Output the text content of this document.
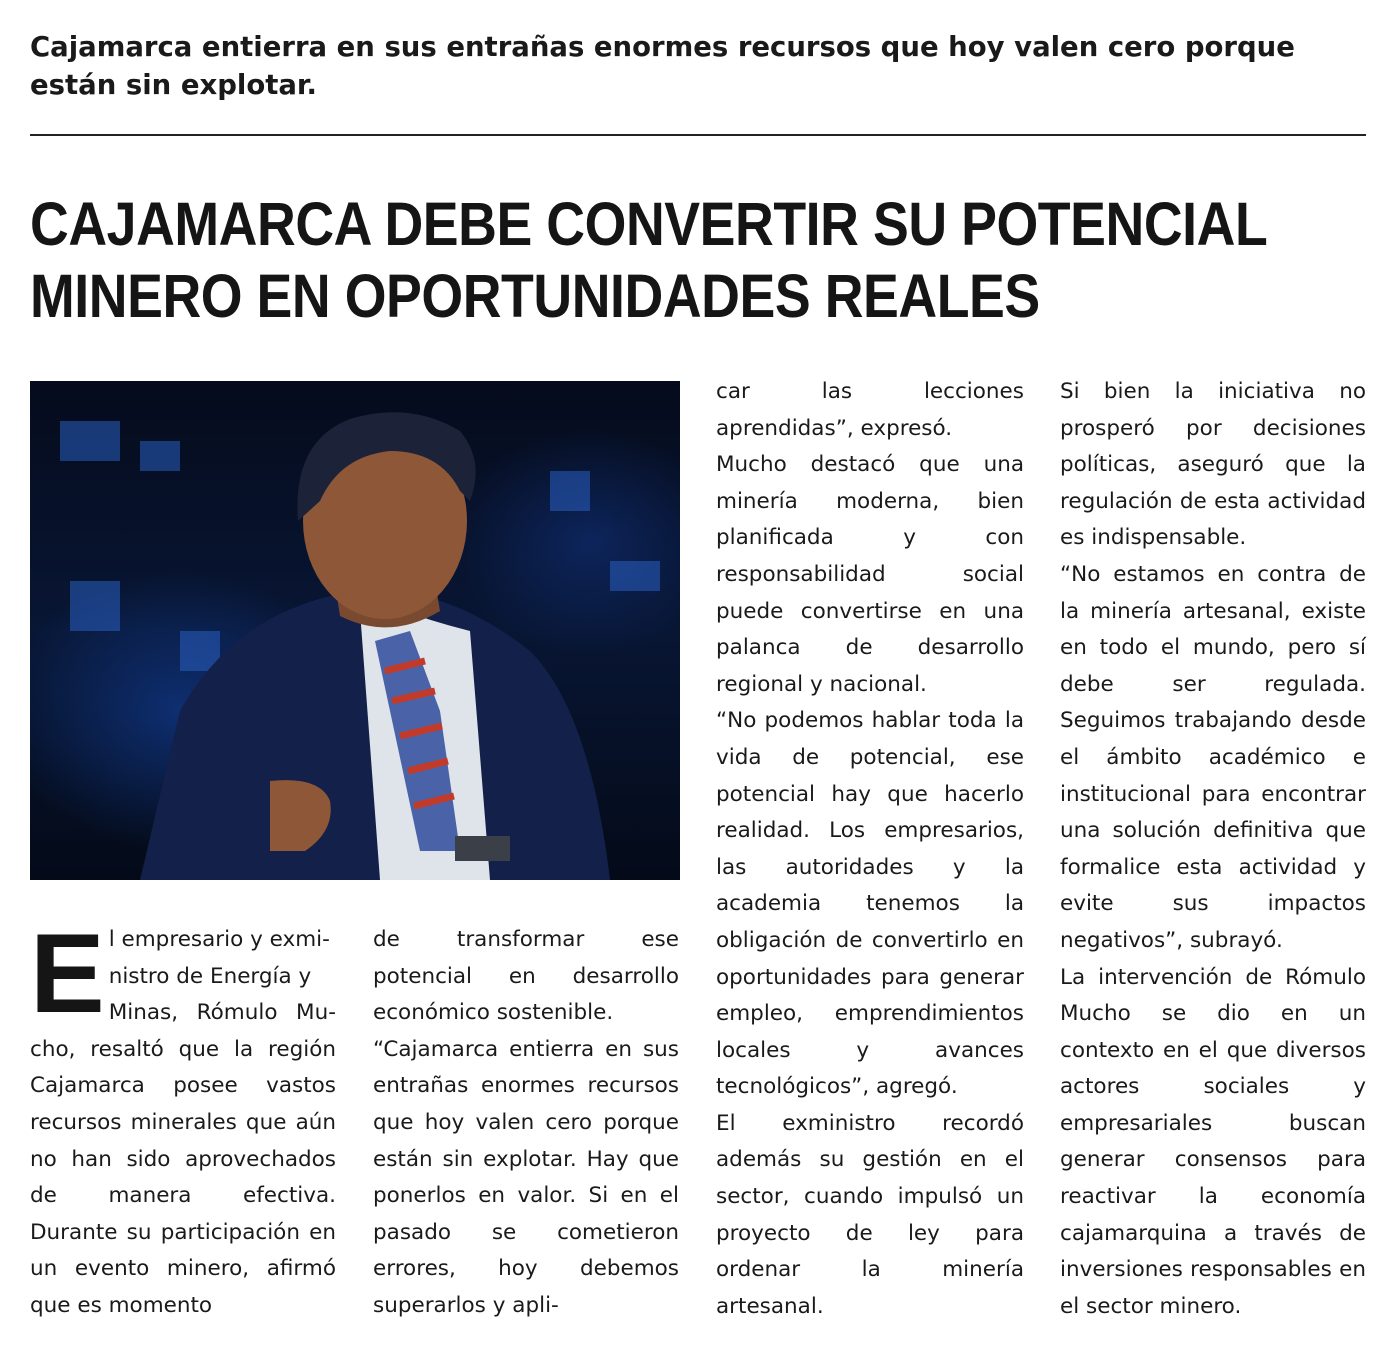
Cajamarca entierra en sus entrañas enormes recursos que hoy valen cero porque están sin explotar.
CAJAMARCA DEBE CONVERTIR SU POTENCIAL
MINERO EN OPORTUNIDADES REALES
E l empresario y exmi-
nistro de Energía y
Minas, Rómulo Mu- cho, resaltó que la región Cajamarca posee vastos recursos minerales que aún no han sido aprovechados de manera efectiva. Durante su participación en un evento minero, afirmó que es momento

de transformar ese potencial en desarrollo económico sostenible.

“Cajamarca entierra en sus entrañas enormes recursos que hoy valen cero porque están sin explotar. Hay que ponerlos en valor. Si en el pasado se cometieron errores, hoy debemos superarlos y apli-

car las lecciones aprendidas”, expresó.

Mucho destacó que una minería moderna, bien planificada y con responsabilidad social puede convertirse en una palanca de desarrollo regional y nacional.

“No podemos hablar toda la vida de potencial, ese potencial hay que hacerlo realidad. Los empresarios, las autoridades y la academia tenemos la obligación de convertirlo en oportunidades para generar empleo, emprendimientos locales y avances tecnológicos”, agregó.

El exministro recordó además su gestión en el sector, cuando impulsó un proyecto de ley para ordenar la minería artesanal.

Si bien la iniciativa no prosperó por decisiones políticas, aseguró que la regulación de esta actividad es indispensable.

“No estamos en contra de la minería artesanal, existe en todo el mundo, pero sí debe ser regulada. Seguimos trabajando desde el ámbito académico e institucional para encontrar una solución definitiva que formalice esta actividad y evite sus impactos negativos”, subrayó.

La intervención de Rómulo Mucho se dio en un contexto en el que diversos actores sociales y empresariales buscan generar consensos para reactivar la economía cajamarquina a través de inversiones responsables en el sector minero.
